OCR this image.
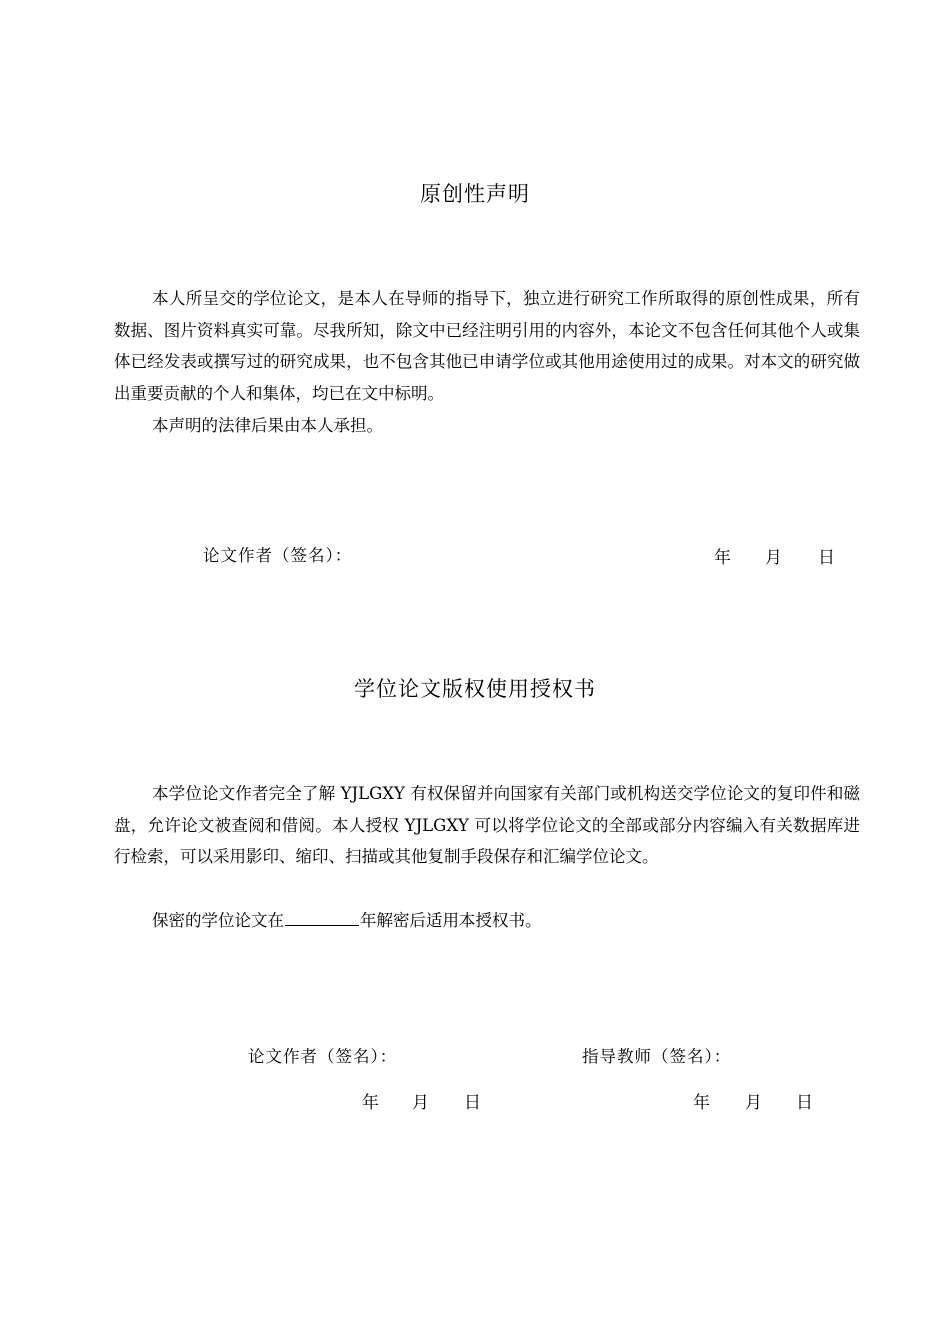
原创性声明

本人所呈交的学位论文，是本人在导师的指导下，独立进行研究工作所取得的原创性成果，所有数据、图片资料真实可靠。尽我所知，除文中已经注明引用的内容外，本论文不包含任何其他个人或集体已经发表或撰写过的研究成果，也不包含其他已申请学位或其他用途使用过的成果。对本文的研究做出重要贡献的个人和集体，均已在文中标明。

本声明的法律后果由本人承担。

论文作者（签名）：	年 月 日
学位论文版权使用授权书

本学位论文作者完全了解 YJLGXY 有权保留并向国家有关部门或机构送交学位论文的复印件和磁盘，允许论文被查阅和借阅。本人授权 YJLGXY 可以将学位论文的全部或部分内容编入有关数据库进行检索，可以采用影印、缩印、扫描或其他复制手段保存和汇编学位论文。

保密的学位论文在	年解密后适用本授权书。

论文作者（签名）：	指导教师（签名）：
年 月 日	年 月 日
